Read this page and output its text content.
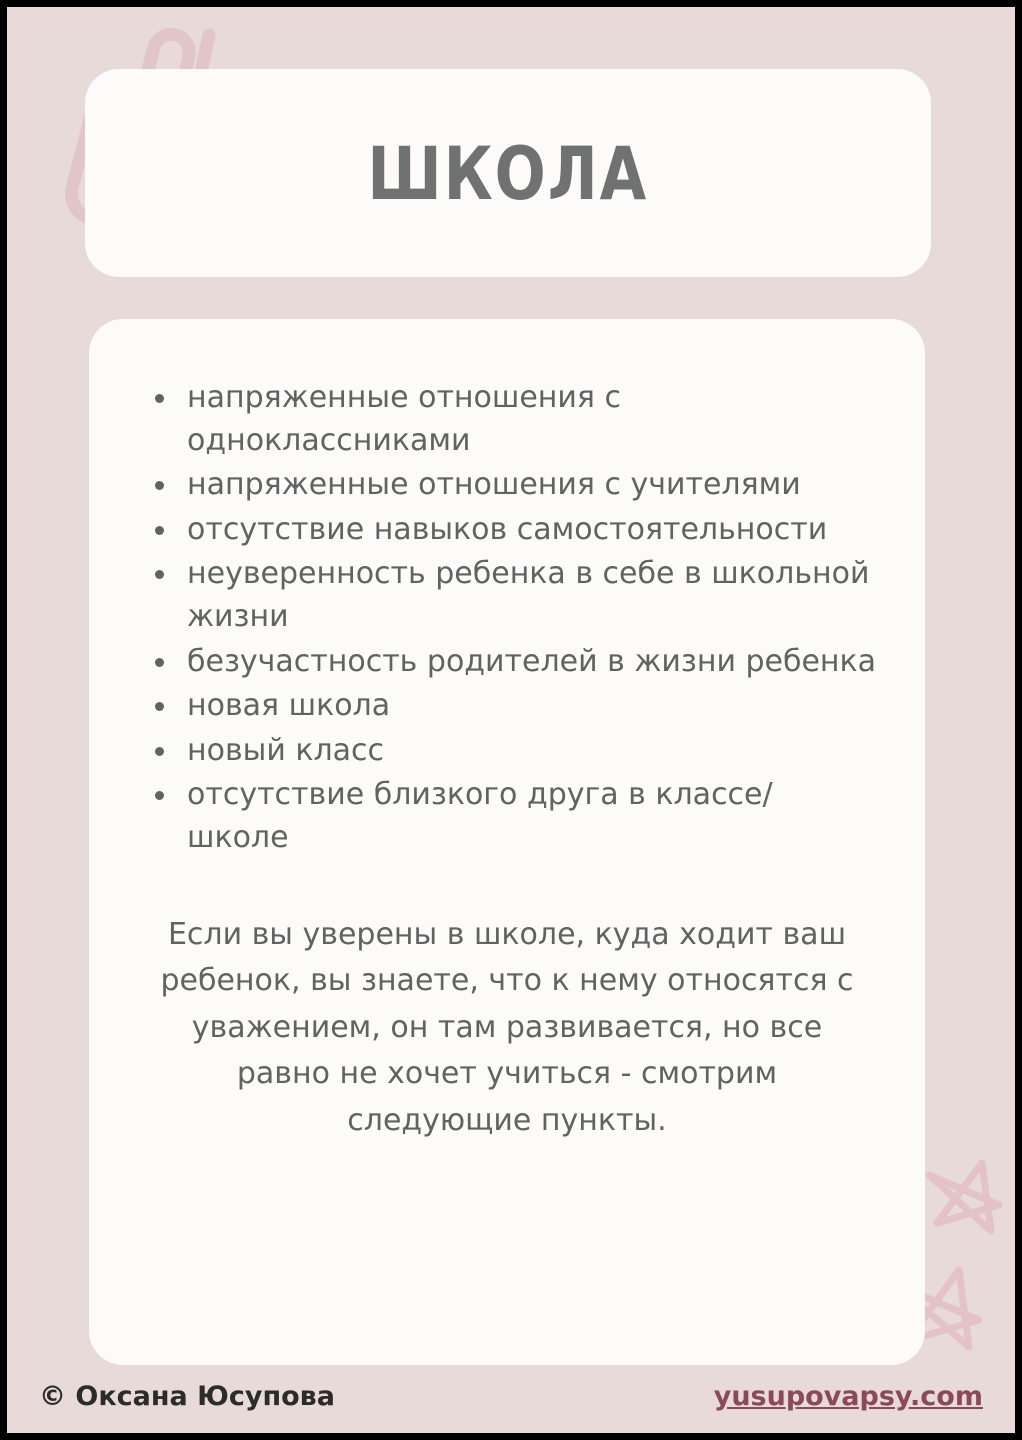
ШКОЛА
напряженные отношения с одноклассниками
напряженные отношения с учителями
отсутствие навыков самостоятельности
неуверенность ребенка в себе в школьной жизни
безучастность родителей в жизни ребенка
новая школа
новый класс
отсутствие близкого друга в классе/ школе
Если вы уверены в школе, куда ходит ваш ребенок, вы знаете, что к нему относятся с уважением, он там развивается, но все равно не хочет учиться - смотрим следующие пункты.
© Оксана Юсупова	yusupovapsy.com
